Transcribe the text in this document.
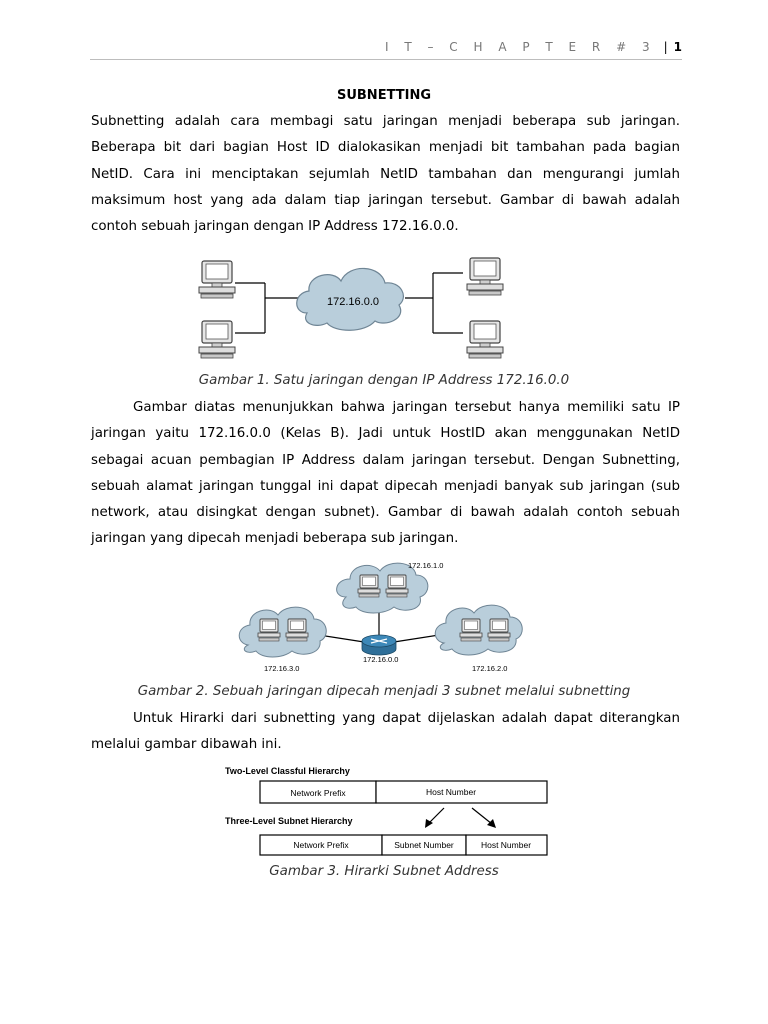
I T – C H A P T E R # 3 | 1
SUBNETTING

Subnetting adalah cara membagi satu jaringan menjadi beberapa sub jaringan. Beberapa bit dari bagian Host ID dialokasikan menjadi bit tambahan pada bagian NetID. Cara ini menciptakan sejumlah NetID tambahan dan mengurangi jumlah maksimum host yang ada dalam tiap jaringan tersebut. Gambar di bawah adalah contoh sebuah jaringan dengan IP Address 172.16.0.0.

172.16.0.0
Gambar 1. Satu jaringan dengan IP Address 172.16.0.0

Gambar diatas menunjukkan bahwa jaringan tersebut hanya memiliki satu IP jaringan yaitu 172.16.0.0 (Kelas B). Jadi untuk HostID akan menggunakan NetID sebagai acuan pembagian IP Address dalam jaringan tersebut. Dengan Subnetting, sebuah alamat jaringan tunggal ini dapat dipecah menjadi banyak sub jaringan (sub network, atau disingkat dengan subnet). Gambar di bawah adalah contoh sebuah jaringan yang dipecah menjadi beberapa sub jaringan.

172.16.1.0
172.16.3.0	172.16.2.0
172.16.0.0
Gambar 2. Sebuah jaringan dipecah menjadi 3 subnet melalui subnetting

Untuk Hirarki dari subnetting yang dapat dijelaskan adalah dapat diterangkan melalui gambar dibawah ini.

Two-Level Classful Hierarchy
Network Prefix	Host Number
Three-Level Subnet Hierarchy
Network Prefix	Subnet Number	Host Number
Gambar 3. Hirarki Subnet Address
